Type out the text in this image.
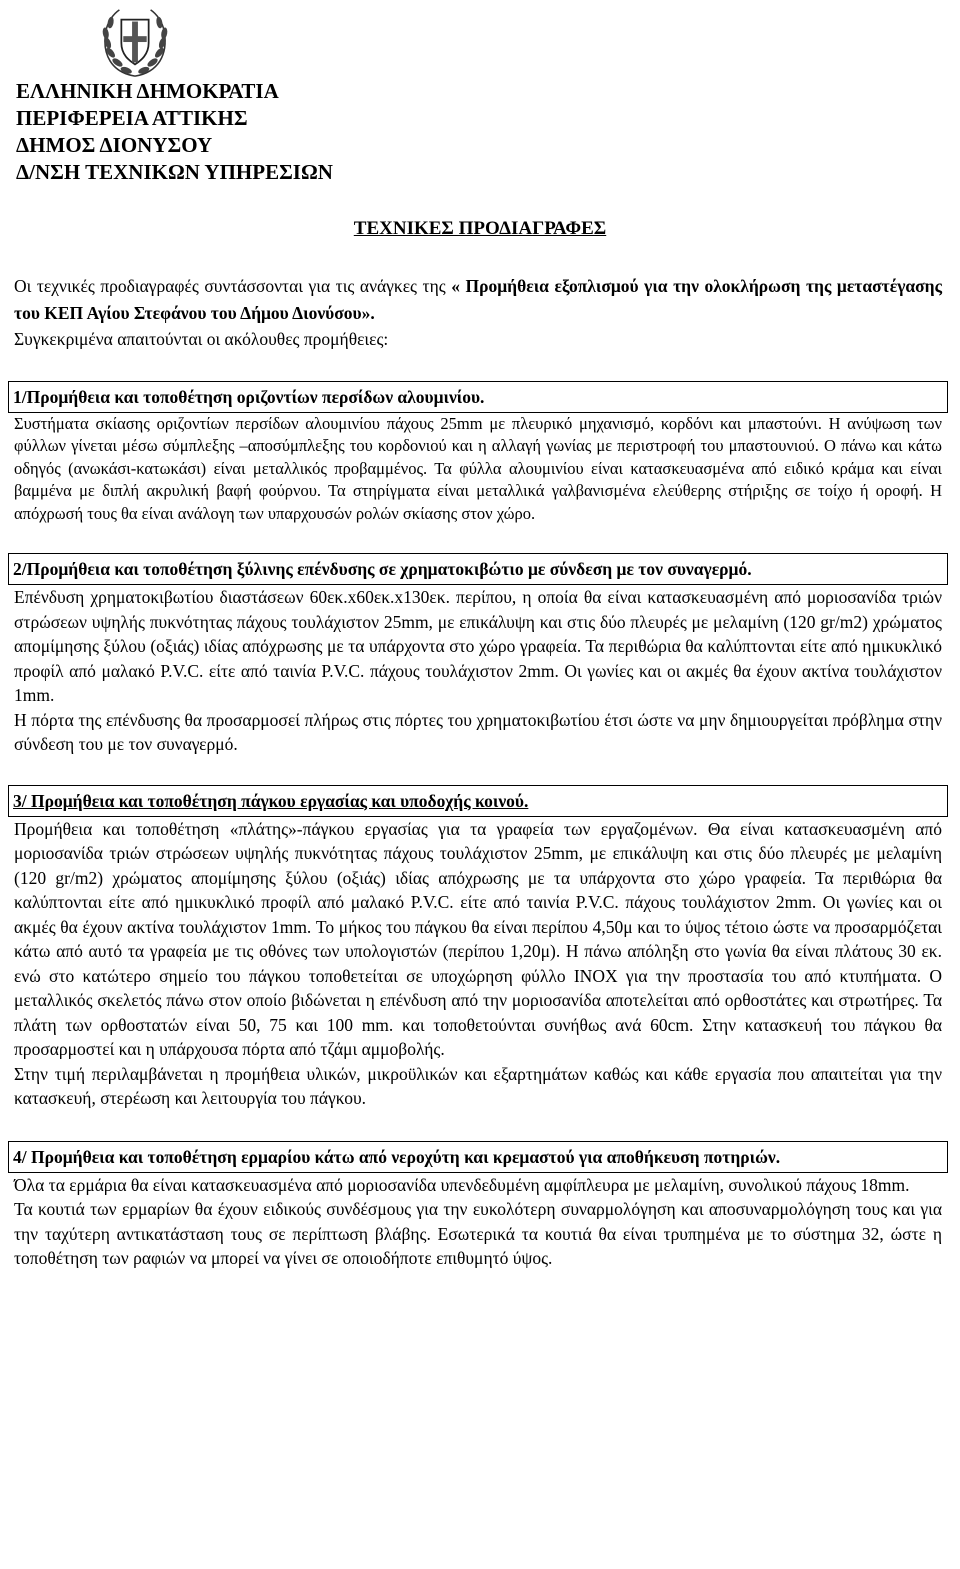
ΕΛΛΗΝΙΚΗ ΔΗΜΟΚΡΑΤΙΑ
ΠΕΡΙΦΕΡΕΙΑ ΑΤΤΙΚΗΣ
ΔΗΜΟΣ ΔΙΟΝΥΣΟΥ
Δ/ΝΣΗ ΤΕΧΝΙΚΩΝ ΥΠΗΡΕΣΙΩΝ
ΤΕΧΝΙΚΕΣ ΠΡΟΔΙΑΓΡΑΦΕΣ

Οι τεχνικές προδιαγραφές συντάσσονται για τις ανάγκες της « Προμήθεια εξοπλισμού για την ολοκλήρωση της μεταστέγασης του ΚΕΠ Αγίου Στεφάνου του Δήμου Διονύσου».

Συγκεκριμένα απαιτούνται οι ακόλουθες προμήθειες:

1/Προμήθεια και τοποθέτηση οριζοντίων περσίδων αλουμινίου.

Συστήματα σκίασης οριζοντίων περσίδων αλουμινίου πάχους 25mm με πλευρικό μηχανισμό, κορδόνι και μπαστούνι. Η ανύψωση των φύλλων γίνεται μέσω σύμπλεξης –αποσύμπλεξης του κορδονιού και η αλλαγή γωνίας με περιστροφή του μπαστουνιού. Ο πάνω και κάτω οδηγός (ανωκάσι-κατωκάσι) είναι μεταλλικός προβαμμένος. Τα φύλλα αλουμινίου είναι κατασκευασμένα από ειδικό κράμα και είναι βαμμένα με διπλή ακρυλική βαφή φούρνου. Τα στηρίγματα είναι μεταλλικά γαλβανισμένα ελεύθερης στήριξης σε τοίχο ή οροφή. Η απόχρωσή τους θα είναι ανάλογη των υπαρχουσών ρολών σκίασης στον χώρο.

2/Προμήθεια και τοποθέτηση ξύλινης επένδυσης σε χρηματοκιβώτιο με σύνδεση με τον συναγερμό.

Επένδυση χρηματοκιβωτίου διαστάσεων 60εκ.x60εκ.x130εκ. περίπου, η οποία θα είναι κατασκευασμένη από μοριοσανίδα τριών στρώσεων υψηλής πυκνότητας πάχους τουλάχιστον 25mm, με επικάλυψη και στις δύο πλευρές με μελαμίνη (120 gr/m2) χρώματος απομίμησης ξύλου (οξιάς) ιδίας απόχρωσης με τα υπάρχοντα στο χώρο γραφεία. Τα περιθώρια θα καλύπτονται είτε από ημικυκλικό προφίλ από μαλακό P.V.C. είτε από ταινία P.V.C. πάχους τουλάχιστον 2mm. Οι γωνίες και οι ακμές θα έχουν ακτίνα τουλάχιστον 1mm.

Η πόρτα της επένδυσης θα προσαρμοσεί πλήρως στις πόρτες του χρηματοκιβωτίου έτσι ώστε να μην δημιουργείται πρόβλημα στην σύνδεση του με τον συναγερμό.

3/ Προμήθεια και τοποθέτηση πάγκου εργασίας και υποδοχής κοινού.

Προμήθεια και τοποθέτηση «πλάτης»-πάγκου εργασίας για τα γραφεία των εργαζομένων. Θα είναι κατασκευασμένη από μοριοσανίδα τριών στρώσεων υψηλής πυκνότητας πάχους τουλάχιστον 25mm, με επικάλυψη και στις δύο πλευρές με μελαμίνη (120 gr/m2) χρώματος απομίμησης ξύλου (οξιάς) ιδίας απόχρωσης με τα υπάρχοντα στο χώρο γραφεία. Τα περιθώρια θα καλύπτονται είτε από ημικυκλικό προφίλ από μαλακό P.V.C. είτε από ταινία P.V.C. πάχους τουλάχιστον 2mm. Οι γωνίες και οι ακμές θα έχουν ακτίνα τουλάχιστον 1mm. Το μήκος του πάγκου θα είναι περίπου 4,50μ και το ύψος τέτοιο ώστε να προσαρμόζεται κάτω από αυτό τα γραφεία με τις οθόνες των υπολογιστών (περίπου 1,20μ). Η πάνω απόληξη στο γωνία θα είναι πλάτους 30 εκ. ενώ στο κατώτερο σημείο του πάγκου τοποθετείται σε υποχώρηση φύλλο INOX για την προστασία του από κτυπήματα. Ο μεταλλικός σκελετός πάνω στον οποίο βιδώνεται η επένδυση από την μοριοσανίδα αποτελείται από ορθοστάτες και στρωτήρες. Τα πλάτη των ορθοστατών είναι 50, 75 και 100 mm. και τοποθετούνται συνήθως ανά 60cm. Στην κατασκευή του πάγκου θα προσαρμοστεί και η υπάρχουσα πόρτα από τζάμι αμμοβολής.

Στην τιμή περιλαμβάνεται η προμήθεια υλικών, μικροϋλικών και εξαρτημάτων καθώς και κάθε εργασία που απαιτείται για την κατασκευή, στερέωση και λειτουργία του πάγκου.

4/ Προμήθεια και τοποθέτηση ερμαρίου κάτω από νεροχύτη και κρεμαστού για αποθήκευση ποτηριών.

Όλα τα ερμάρια θα είναι κατασκευασμένα από μοριοσανίδα υπενδεδυμένη αμφίπλευρα με μελαμίνη, συνολικού πάχους 18mm.

Τα κουτιά των ερμαρίων θα έχουν ειδικούς συνδέσμους για την ευκολότερη συναρμολόγηση και αποσυναρμολόγηση τους και για την ταχύτερη αντικατάσταση τους σε περίπτωση βλάβης. Εσωτερικά τα κουτιά θα είναι τρυπημένα με το σύστημα 32, ώστε η τοποθέτηση των ραφιών να μπορεί να γίνει σε οποιοδήποτε επιθυμητό ύψος.
